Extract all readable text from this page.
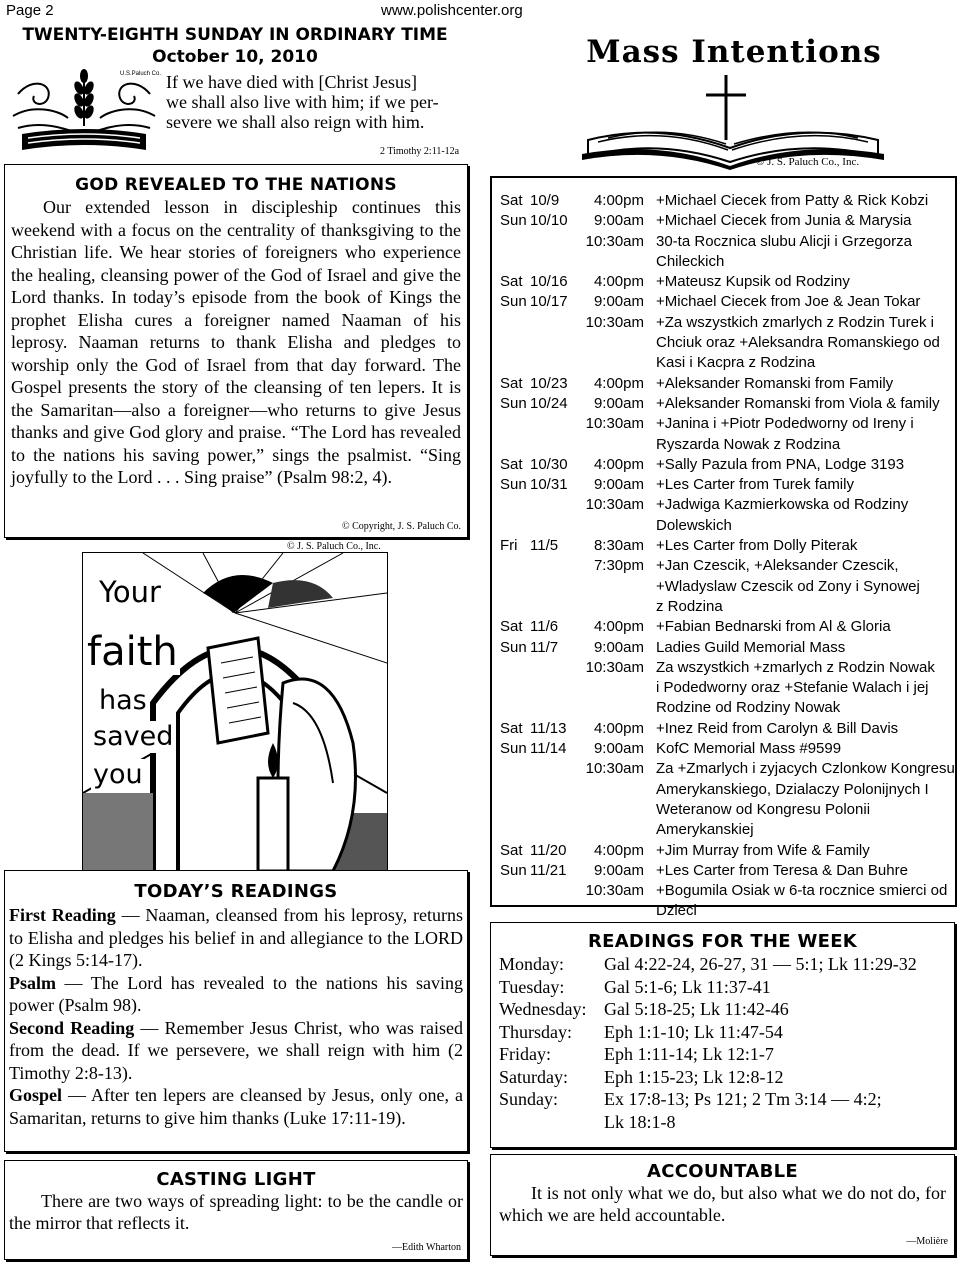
Page 2	www.polishcenter.org
TWENTY-EIGHTH SUNDAY IN ORDINARY TIME
October 10, 2010
U.S.Paluch Co. If we have died with [Christ Jesus]
we shall also live with him; if we per-
severe we shall also reign with him.
2 Timothy 2:11-12a
GOD REVEALED TO THE NATIONS
Our extended lesson in discipleship continues this weekend with a focus on the centrality of thanksgiving to the Christian life. We hear stories of foreigners who experience the healing, cleansing power of the God of Israel and give the Lord thanks. In today’s episode from the book of Kings the prophet Elisha cures a foreigner named Naaman of his leprosy. Naaman returns to thank Elisha and pledges to worship only the God of Israel from that day forward. The Gospel presents the story of the cleansing of ten lepers. It is the Samaritan—also a foreigner—who returns to give Jesus thanks and give God glory and praise. “The Lord has revealed to the nations his saving power,” sings the psalmist. “Sing joyfully to the Lord . . . Sing praise” (Psalm 98:2, 4).
© Copyright, J. S. Paluch Co.
© J. S. Paluch Co., Inc.
Your
faith
has
saved
you
TODAY’S READINGS
First Reading — Naaman, cleansed from his leprosy, returns to Elisha and pledges his belief in and allegiance to the LORD (2 Kings 5:14-17).
Psalm — The Lord has revealed to the nations his saving power (Psalm 98).
Second Reading — Remember Jesus Christ, who was raised from the dead. If we persevere, we shall reign with him (2 Timothy 2:8-13).
Gospel — After ten lepers are cleansed by Jesus, only one, a Samaritan, returns to give him thanks (Luke 17:11-19).
CASTING LIGHT
There are two ways of spreading light: to be the candle or the mirror that reflects it.
—Edith Wharton
Mass Intentions
© J. S. Paluch Co., Inc.
Sat 10/9	4:00pm +Michael Ciecek from Patty & Rick Kobzi
Sun 10/10	9:00am +Michael Ciecek from Junia & Marysia
10:30am 30-ta Rocznica slubu Alicji i Grzegorza
Chileckich
Sat 10/16	4:00pm +Mateusz Kupsik od Rodziny
Sun 10/17	9:00am +Michael Ciecek from Joe & Jean Tokar
10:30am +Za wszystkich zmarlych z Rodzin Turek i
Chciuk oraz +Aleksandra Romanskiego od
Kasi i Kacpra z Rodzina
Sat 10/23	4:00pm +Aleksander Romanski from Family
Sun 10/24	9:00am +Aleksander Romanski from Viola & family
10:30am +Janina i +Piotr Podedworny od Ireny i
Ryszarda Nowak z Rodzina
Sat 10/30	4:00pm +Sally Pazula from PNA, Lodge 3193
Sun 10/31	9:00am +Les Carter from Turek family
10:30am +Jadwiga Kazmierkowska od Rodziny
Dolewskich
Fri 11/5	8:30am +Les Carter from Dolly Piterak
7:30pm +Jan Czescik, +Aleksander Czescik,
+Wladyslaw Czescik od Zony i Synowej
z Rodzina
Sat 11/6	4:00pm +Fabian Bednarski from Al & Gloria
Sun 11/7	9:00am Ladies Guild Memorial Mass
10:30am Za wszystkich +zmarlych z Rodzin Nowak
i Podedworny oraz +Stefanie Walach i jej
Rodzine od Rodziny Nowak
Sat 11/13	4:00pm +Inez Reid from Carolyn & Bill Davis
Sun 11/14	9:00am KofC Memorial Mass #9599
10:30am Za +Zmarlych i zyjacych Czlonkow Kongresu
Amerykanskiego, Dzialaczy Polonijnych I
Weteranow od Kongresu Polonii Amerykanskiej
Sat 11/20	4:00pm +Jim Murray from Wife & Family
Sun 11/21	9:00am +Les Carter from Teresa & Dan Buhre
10:30am +Bogumila Osiak w 6-ta rocznice smierci od
Dzieci
READINGS FOR THE WEEK
Monday:	Gal 4:22-24, 26-27, 31 — 5:1; Lk 11:29-32
Tuesday:	Gal 5:1-6; Lk 11:37-41
Wednesday: Gal 5:18-25; Lk 11:42-46
Thursday:	Eph 1:1-10; Lk 11:47-54
Friday:	Eph 1:11-14; Lk 12:1-7
Saturday:	Eph 1:15-23; Lk 12:8-12
Sunday:	Ex 17:8-13; Ps 121; 2 Tm 3:14 — 4:2;
Lk 18:1-8
ACCOUNTABLE
It is not only what we do, but also what we do not do, for which we are held accountable.
—Molière
